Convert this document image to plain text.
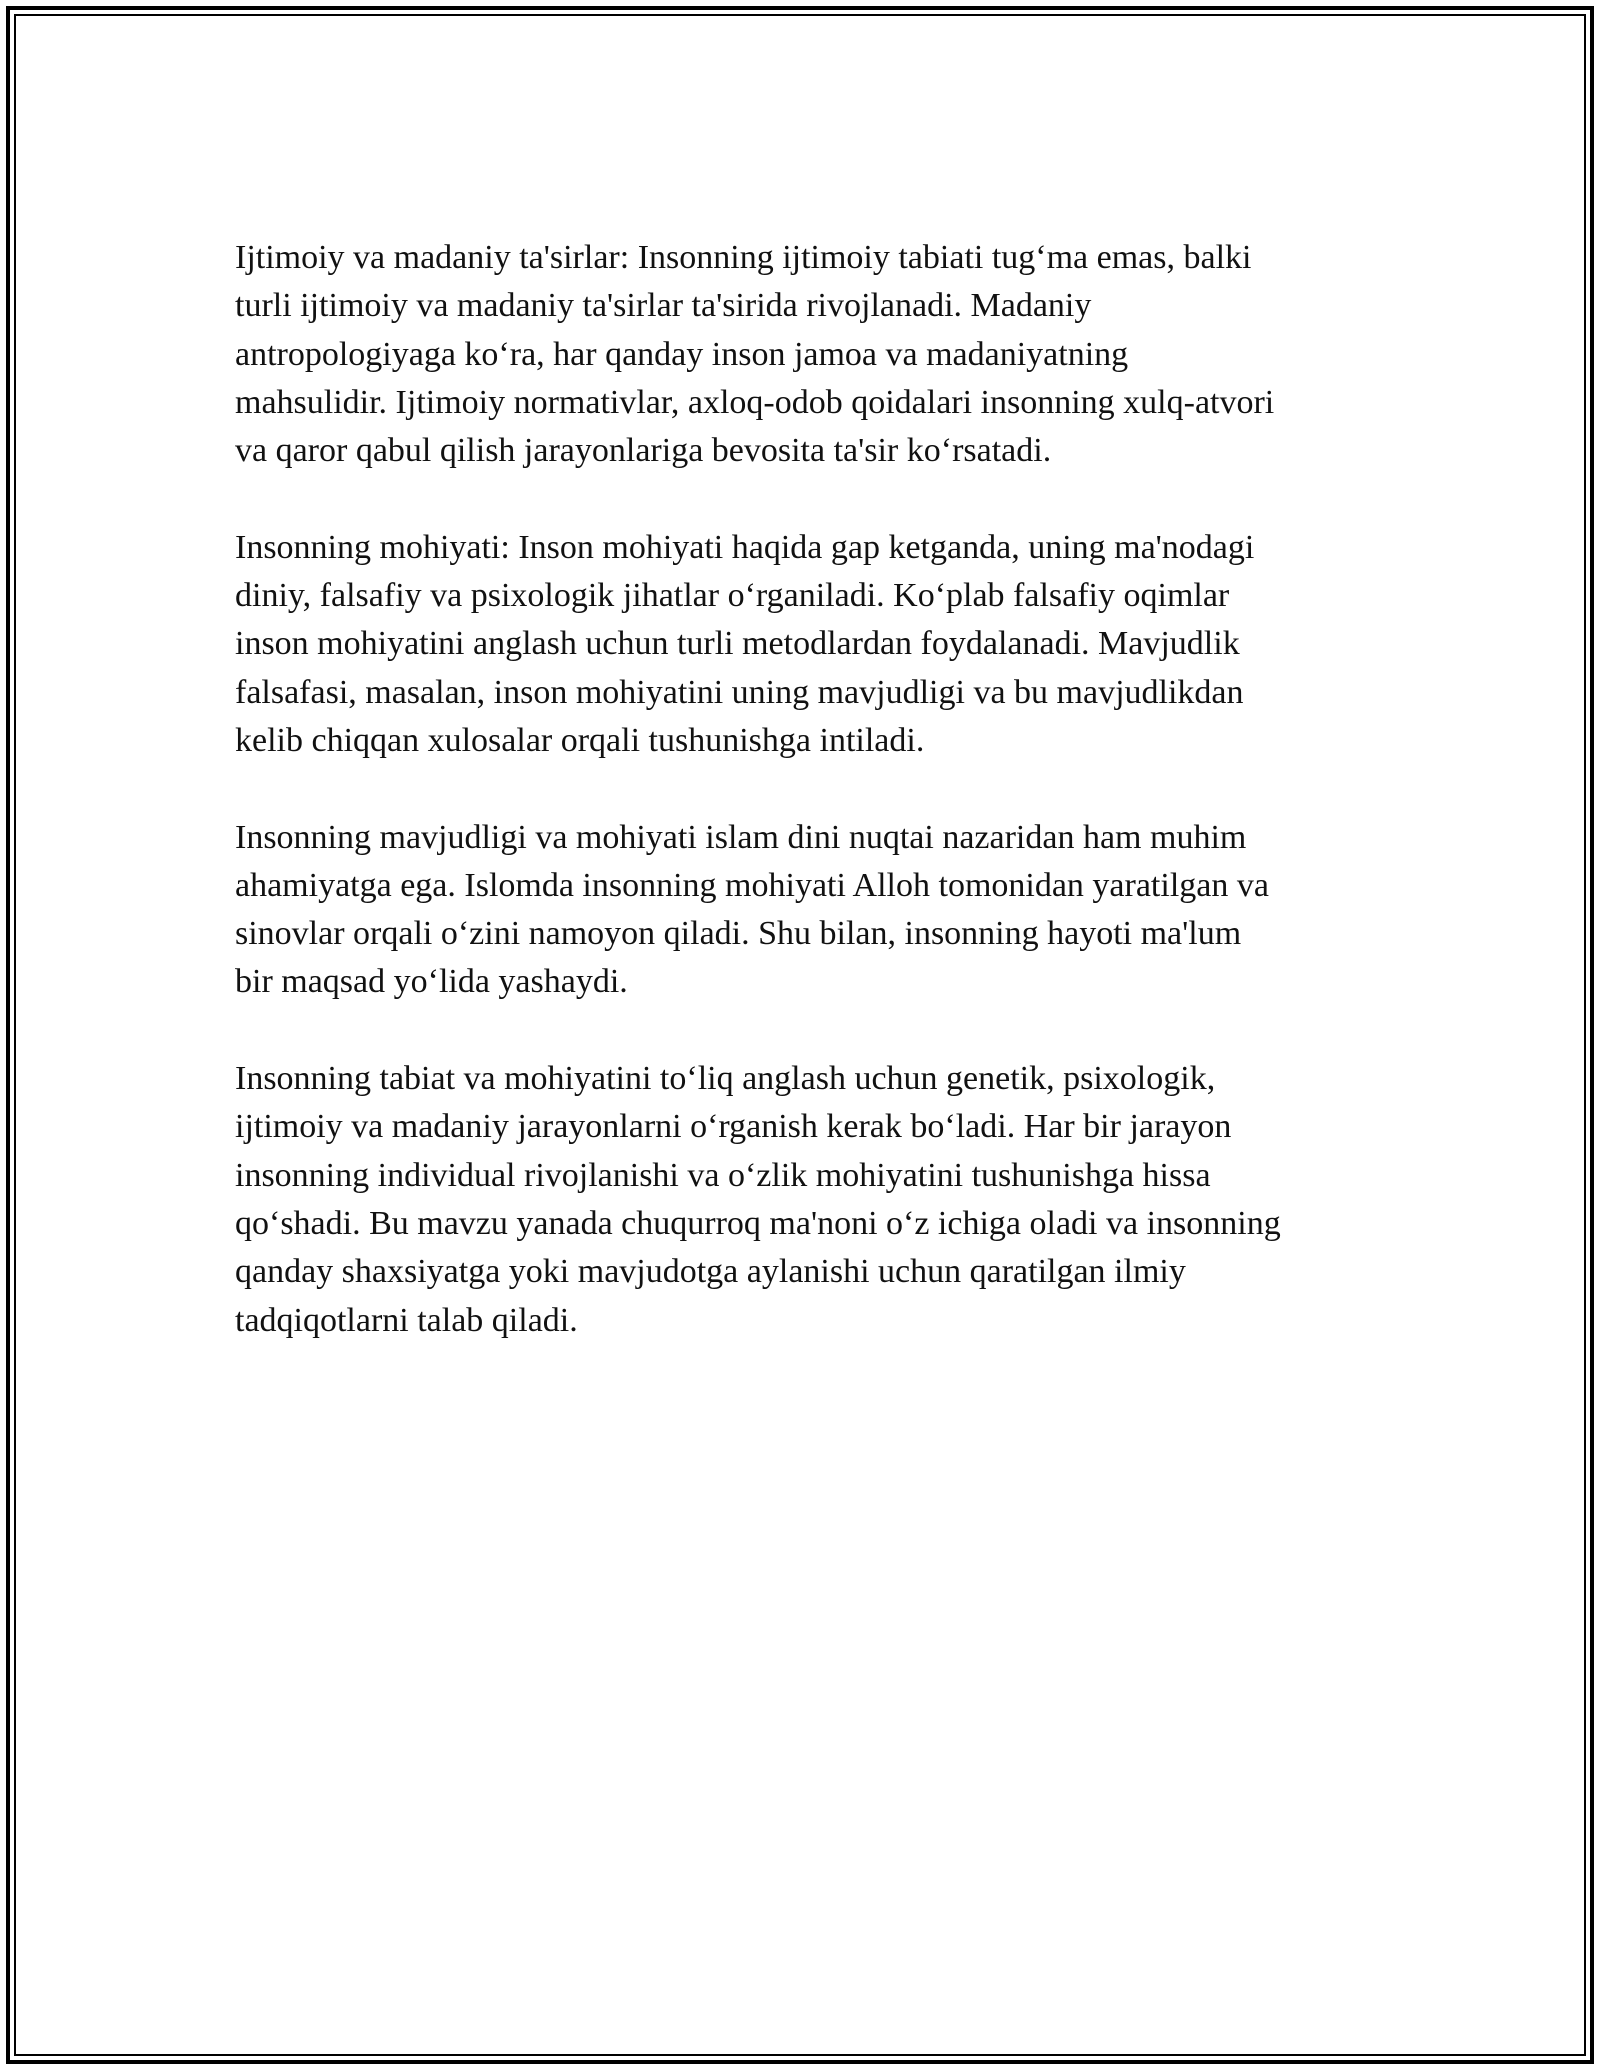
Ijtimoiy va madaniy ta'sirlar: Insonning ijtimoiy tabiati tug‘ma emas, balki
turli ijtimoiy va madaniy ta'sirlar ta'sirida rivojlanadi. Madaniy
antropologiyaga ko‘ra, har qanday inson jamoa va madaniyatning
mahsulidir. Ijtimoiy normativlar, axloq-odob qoidalari insonning xulq-atvori
va qaror qabul qilish jarayonlariga bevosita ta'sir ko‘rsatadi.

Insonning mohiyati: Inson mohiyati haqida gap ketganda, uning ma'nodagi
diniy, falsafiy va psixologik jihatlar o‘rganiladi. Ko‘plab falsafiy oqimlar
inson mohiyatini anglash uchun turli metodlardan foydalanadi. Mavjudlik
falsafasi, masalan, inson mohiyatini uning mavjudligi va bu mavjudlikdan
kelib chiqqan xulosalar orqali tushunishga intiladi.

Insonning mavjudligi va mohiyati islam dini nuqtai nazaridan ham muhim
ahamiyatga ega. Islomda insonning mohiyati Alloh tomonidan yaratilgan va
sinovlar orqali o‘zini namoyon qiladi. Shu bilan, insonning hayoti ma'lum
bir maqsad yo‘lida yashaydi.

Insonning tabiat va mohiyatini to‘liq anglash uchun genetik, psixologik,
ijtimoiy va madaniy jarayonlarni o‘rganish kerak bo‘ladi. Har bir jarayon
insonning individual rivojlanishi va o‘zlik mohiyatini tushunishga hissa
qo‘shadi. Bu mavzu yanada chuqurroq ma'noni o‘z ichiga oladi va insonning
qanday shaxsiyatga yoki mavjudotga aylanishi uchun qaratilgan ilmiy
tadqiqotlarni talab qiladi.
